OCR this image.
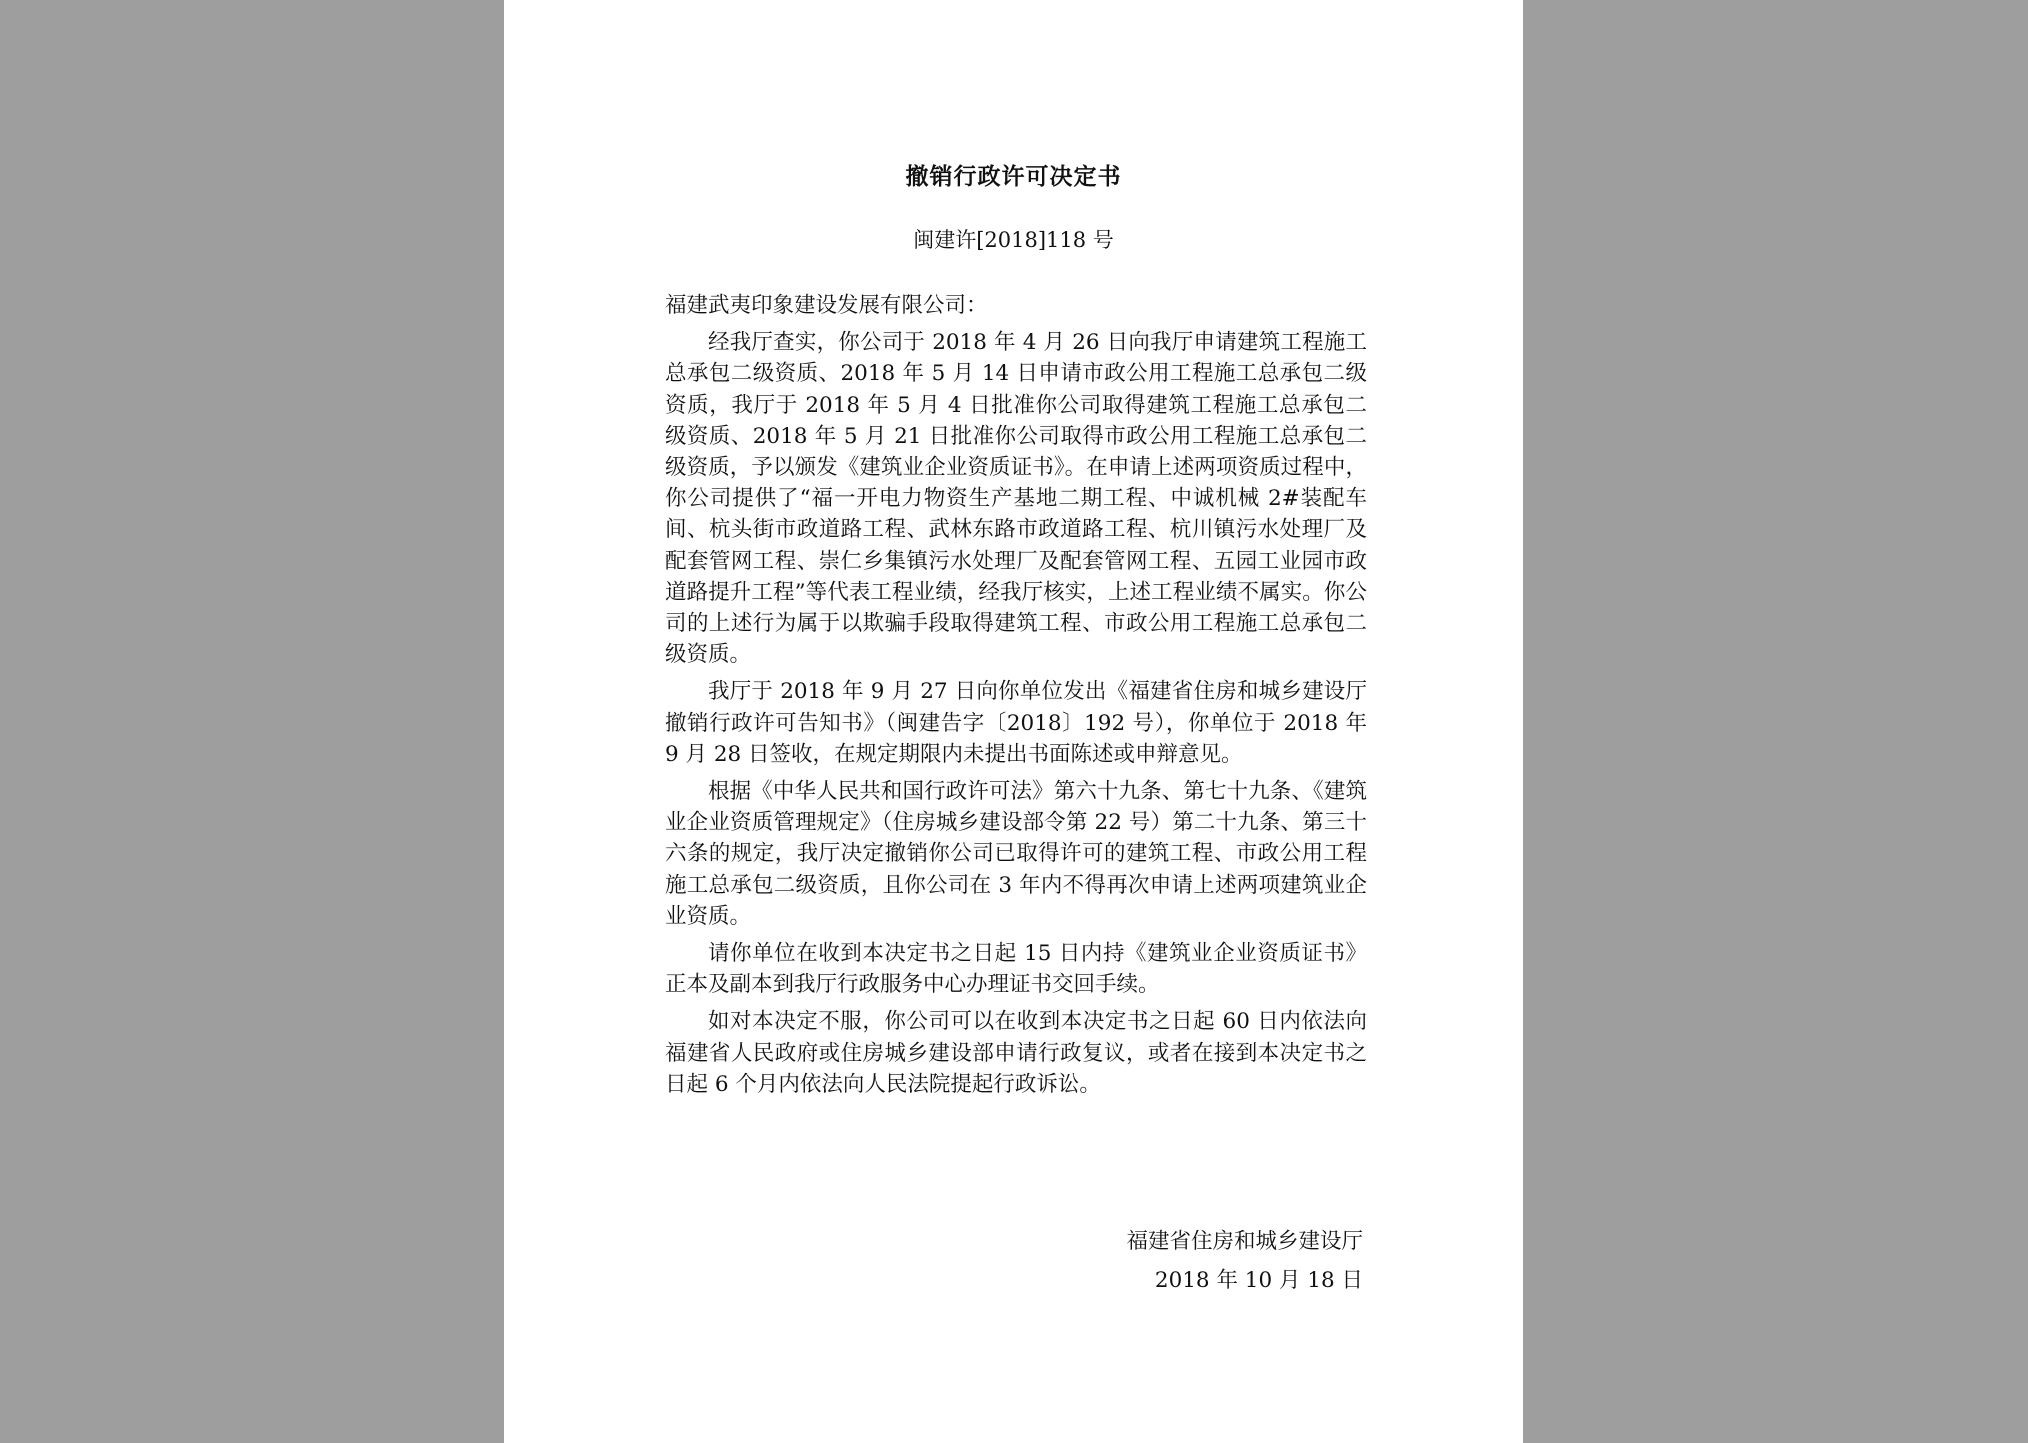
撤销行政许可决定书
闽建许[2018]118 号

福建武夷印象建设发展有限公司：

经我厅查实，你公司于 2018 年 4 月 26 日向我厅申请建筑工程施工总承包二级资质、2018 年 5 月 14 日申请市政公用工程施工总承包二级资质，我厅于 2018 年 5 月 4 日批准你公司取得建筑工程施工总承包二级资质、2018 年 5 月 21 日批准你公司取得市政公用工程施工总承包二级资质，予以颁发《建筑业企业资质证书》。在申请上述两项资质过程中，你公司提供了“福一开电力物资生产基地二期工程、中诚机械 2#装配车间、杭头街市政道路工程、武林东路市政道路工程、杭川镇污水处理厂及配套管网工程、崇仁乡集镇污水处理厂及配套管网工程、五园工业园市政道路提升工程”等代表工程业绩，经我厅核实，上述工程业绩不属实。你公司的上述行为属于以欺骗手段取得建筑工程、市政公用工程施工总承包二级资质。

我厅于 2018 年 9 月 27 日向你单位发出《福建省住房和城乡建设厅撤销行政许可告知书》（闽建告字〔2018〕192 号），你单位于 2018 年 9 月 28 日签收，在规定期限内未提出书面陈述或申辩意见。

根据《中华人民共和国行政许可法》第六十九条、第七十九条、《建筑业企业资质管理规定》（住房城乡建设部令第 22 号）第二十九条、第三十六条的规定，我厅决定撤销你公司已取得许可的建筑工程、市政公用工程施工总承包二级资质，且你公司在 3 年内不得再次申请上述两项建筑业企业资质。

请你单位在收到本决定书之日起 15 日内持《建筑业企业资质证书》正本及副本到我厅行政服务中心办理证书交回手续。

如对本决定不服，你公司可以在收到本决定书之日起 60 日内依法向福建省人民政府或住房城乡建设部申请行政复议，或者在接到本决定书之日起 6 个月内依法向人民法院提起行政诉讼。

福建省住房和城乡建设厅
2018 年 10 月 18 日
